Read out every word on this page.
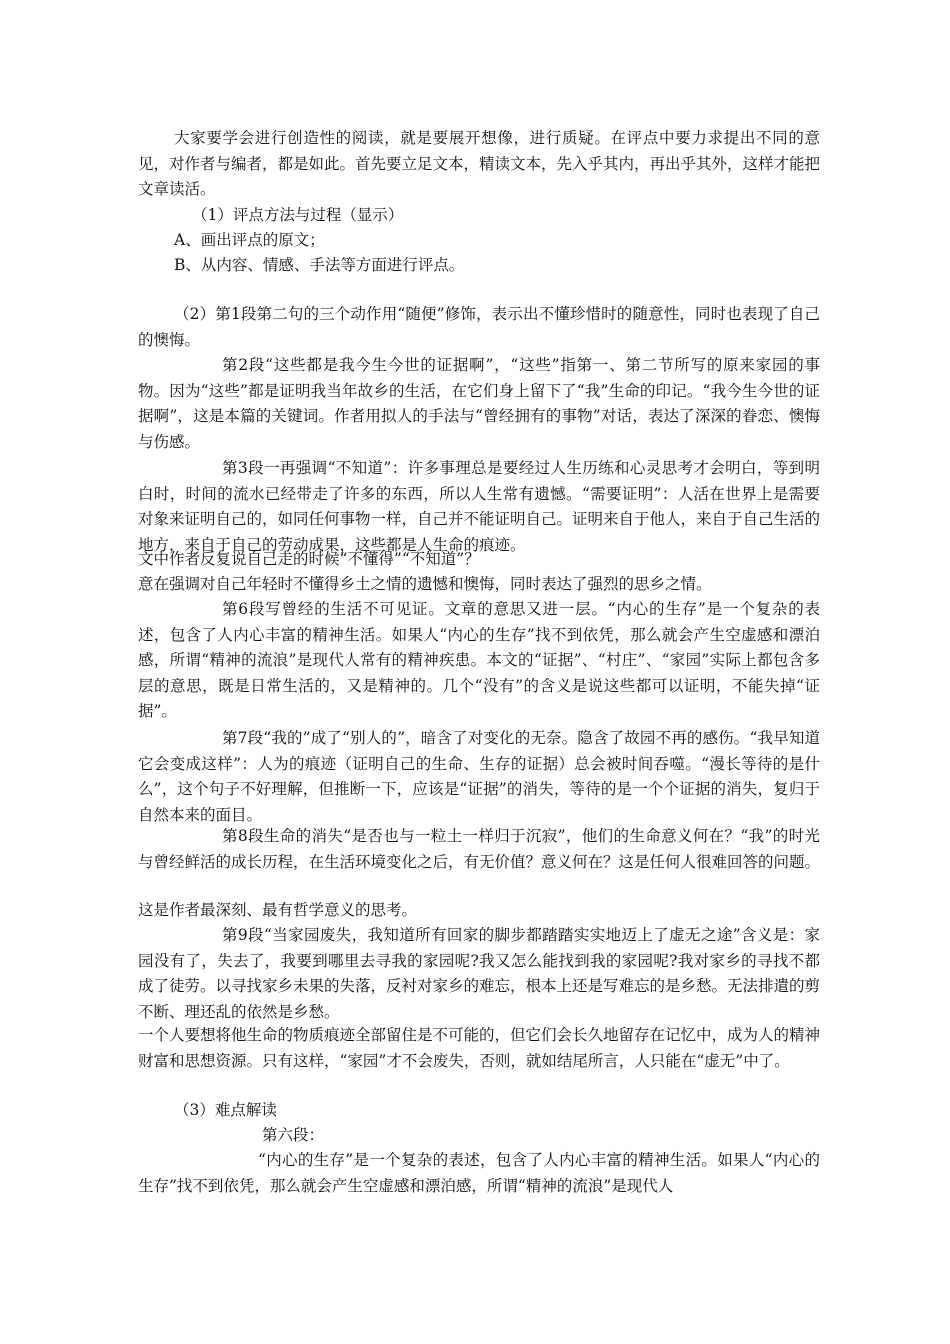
大家要学会进行创造性的阅读，就是要展开想像，进行质疑。在评点中要力求提出不同的意见，对作者与编者，都是如此。首先要立足文本，精读文本，先入乎其内，再出乎其外，这样才能把文章读活。

（1）评点方法与过程（显示）

A、画出评点的原文；

B、从内容、情感、手法等方面进行评点。

（2）第1段第二句的三个动作用“随便”修饰，表示出不懂珍惜时的随意性，同时也表现了自己的懊悔。

第2段“这些都是我今生今世的证据啊”，“这些”指第一、第二节所写的原来家园的事物。因为“这些”都是证明我当年故乡的生活，在它们身上留下了“我”生命的印记。“我今生今世的证据啊”，这是本篇的关键词。作者用拟人的手法与“曾经拥有的事物”对话，表达了深深的眷恋、懊悔与伤感。

第3段一再强调“不知道”：许多事理总是要经过人生历练和心灵思考才会明白，等到明白时，时间的流水已经带走了许多的东西，所以人生常有遗憾。“需要证明”：人活在世界上是需要对象来证明自己的，如同任何事物一样，自己并不能证明自己。证明来自于他人，来自于自己生活的地方，来自于自己的劳动成果，这些都是人生命的痕迹。

文中作者反复说自己走的时候“不懂得”“不知道”？

意在强调对自己年轻时不懂得乡土之情的遗憾和懊悔，同时表达了强烈的思乡之情。

第6段写曾经的生活不可见证。文章的意思又进一层。“内心的生存”是一个复杂的表述，包含了人内心丰富的精神生活。如果人“内心的生存”找不到依凭，那么就会产生空虚感和漂泊感，所谓“精神的流浪”是现代人常有的精神疾患。本文的“证据”、“村庄”、“家园”实际上都包含多层的意思，既是日常生活的，又是精神的。几个“没有”的含义是说这些都可以证明，不能失掉“证据”。

第7段“我的”成了“别人的”，暗含了对变化的无奈。隐含了故园不再的感伤。“我早知道它会变成这样”：人为的痕迹（证明自己的生命、生存的证据）总会被时间吞噬。“漫长等待的是什么”，这个句子不好理解，但推断一下，应该是“证据”的消失，等待的是一个个证据的消失，复归于自然本来的面目。

第8段生命的消失“是否也与一粒土一样归于沉寂”，他们的生命意义何在？“我”的时光与曾经鲜活的成长历程，在生活环境变化之后，有无价值？意义何在？这是任何人很难回答的问题。

这是作者最深刻、最有哲学意义的思考。

第9段“当家园废失，我知道所有回家的脚步都踏踏实实地迈上了虚无之途”含义是：家园没有了，失去了，我要到哪里去寻我的家园呢?我又怎么能找到我的家园呢?我对家乡的寻找不都成了徒劳。以寻找家乡未果的失落，反衬对家乡的难忘，根本上还是写难忘的是乡愁。无法排遣的剪不断、理还乱的依然是乡愁。

一个人要想将他生命的物质痕迹全部留住是不可能的，但它们会长久地留存在记忆中，成为人的精神财富和思想资源。只有这样，“家园”才不会废失，否则，就如结尾所言，人只能在“虚无”中了。

（3）难点解读

第六段：

“内心的生存”是一个复杂的表述，包含了人内心丰富的精神生活。如果人“内心的生存”找不到依凭，那么就会产生空虚感和漂泊感，所谓“精神的流浪”是现代人
